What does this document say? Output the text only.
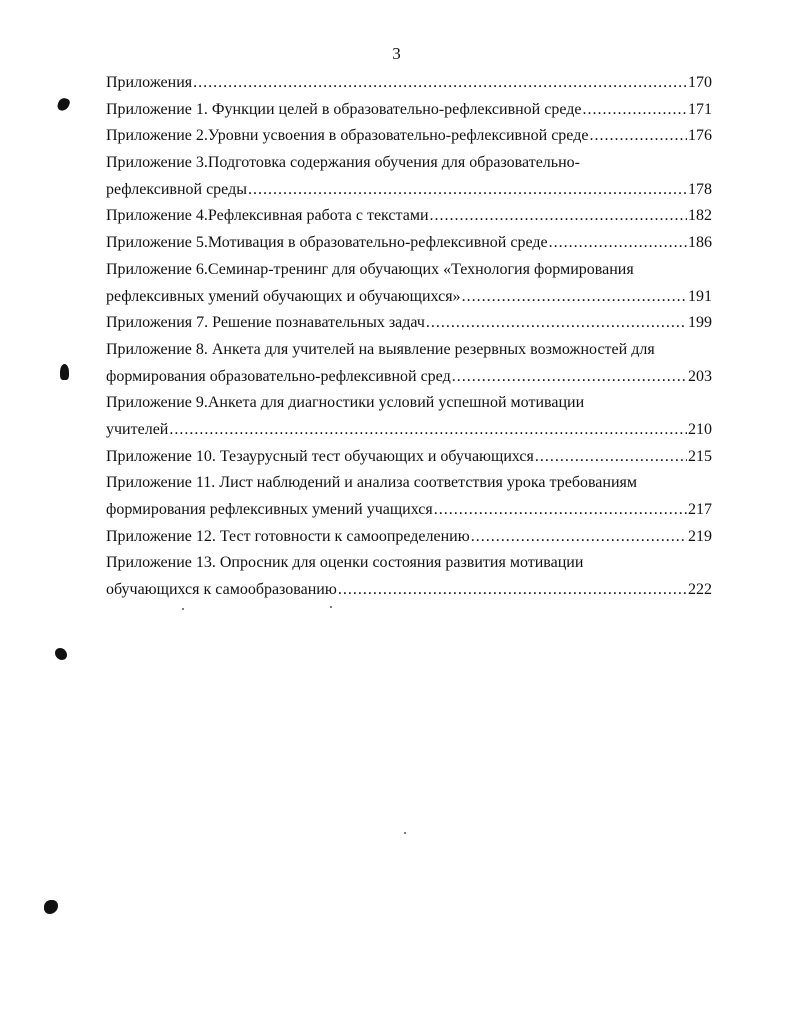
3
Приложения .....	170
Приложение 1. Функции целей в образовательно-рефлексивной среде .....	171
Приложение 2.Уровни усвоения в образовательно-рефлексивной среде .....	176
Приложение 3.Подготовка содержания обучения для образовательно-
рефлексивной среды .....	178
Приложение 4.Рефлексивная работа с текстами .....	182
Приложение 5.Мотивация в образовательно-рефлексивной среде .....	186
Приложение 6.Семинар-тренинг для обучающих «Технология формирования
рефлексивных умений обучающих и обучающихся» .....	191
Приложения 7. Решение познавательных задач .....	199
Приложение 8. Анкета для учителей на выявление резервных возможностей для
формирования образовательно-рефлексивной сред .....	203
Приложение 9.Анкета для диагностики условий успешной мотивации
учителей .....	210
Приложение 10. Тезаурусный тест обучающих и обучающихся .....	215
Приложение 11. Лист наблюдений и анализа соответствия урока требованиям
формирования рефлексивных умений учащихся .....	217
Приложение 12. Тест готовности к самоопределению .....	219
Приложение 13. Опросник для оценки состояния развития мотивации
обучающихся к самообразованию .....	222
